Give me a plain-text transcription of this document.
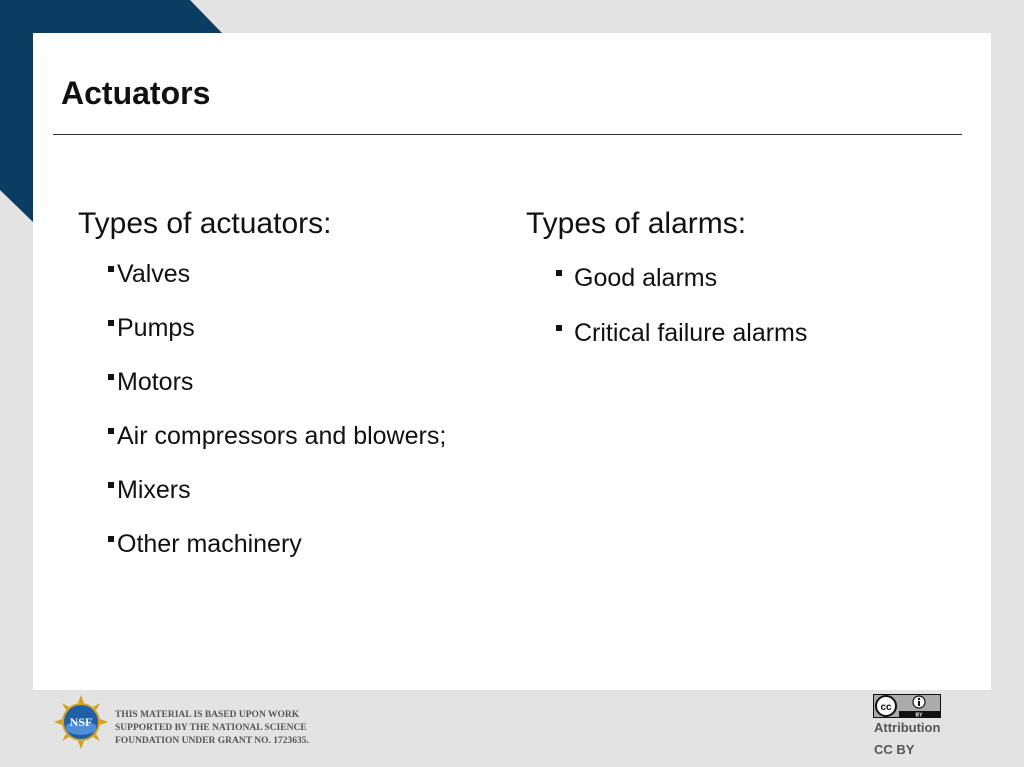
Actuators
Types of actuators:
Valves
Pumps
Motors
Air compressors and blowers;
Mixers
Other machinery
Types of alarms:
Good alarms
Critical failure alarms
NSF THIS MATERIAL IS BASED UPON WORK
SUPPORTED BY THE NATIONAL SCIENCE
FOUNDATION UNDER GRANT NO. 1723635.
cc
BY
Attribution
CC BY
